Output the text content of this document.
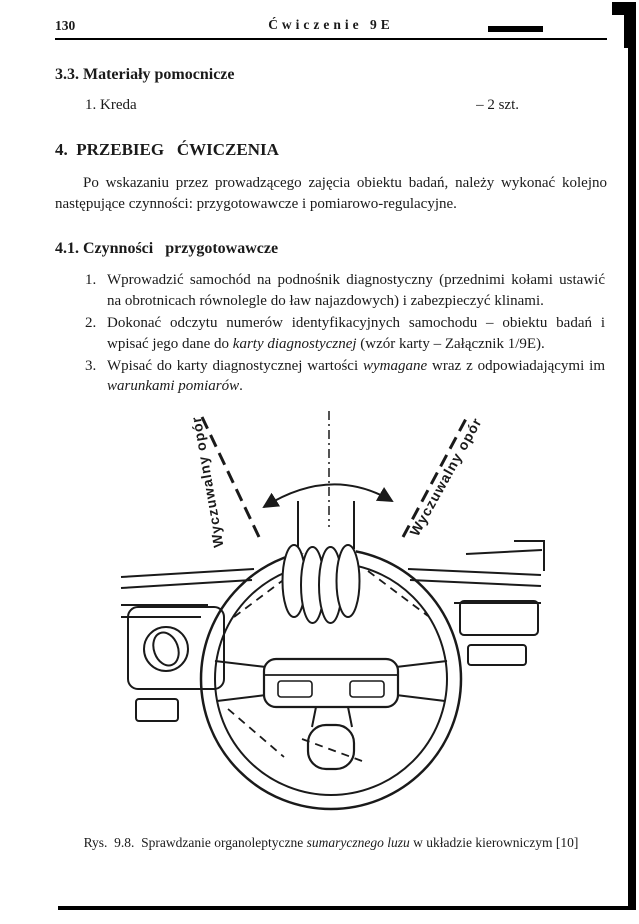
130	Ćwiczenie 9E
3.3. Materiały pomocnicze
1. Kreda	– 2 szt.
4.  PRZEBIEG   ĆWICZENIA

Po wskazaniu przez prowadzącego zajęcia obiektu badań, należy wykonać kolejno następujące czynności: przygotowawcze i pomiarowo-regulacyjne.

4.1. Czynności   przygotowawcze
1. Wprowadzić samochód na podnośnik diagnostyczny (przednimi kołami ustawić na obrotnicach równolegle do ław najazdowych) i zabezpieczyć klinami.
2. Dokonać odczytu numerów identyfikacyjnych samochodu – obiektu badań i wpisać jego dane do karty diagnostycznej (wzór karty – Załącznik 1/9E).
3. Wpisać do karty diagnostycznej wartości wymagane wraz z odpowiadającymi im warunkami pomiarów.
Wyczuwalny opór	Wyczuwalny opór

Rys.  9.8.  Sprawdzanie organoleptyczne sumarycznego luzu w układzie kierowniczym [10]
